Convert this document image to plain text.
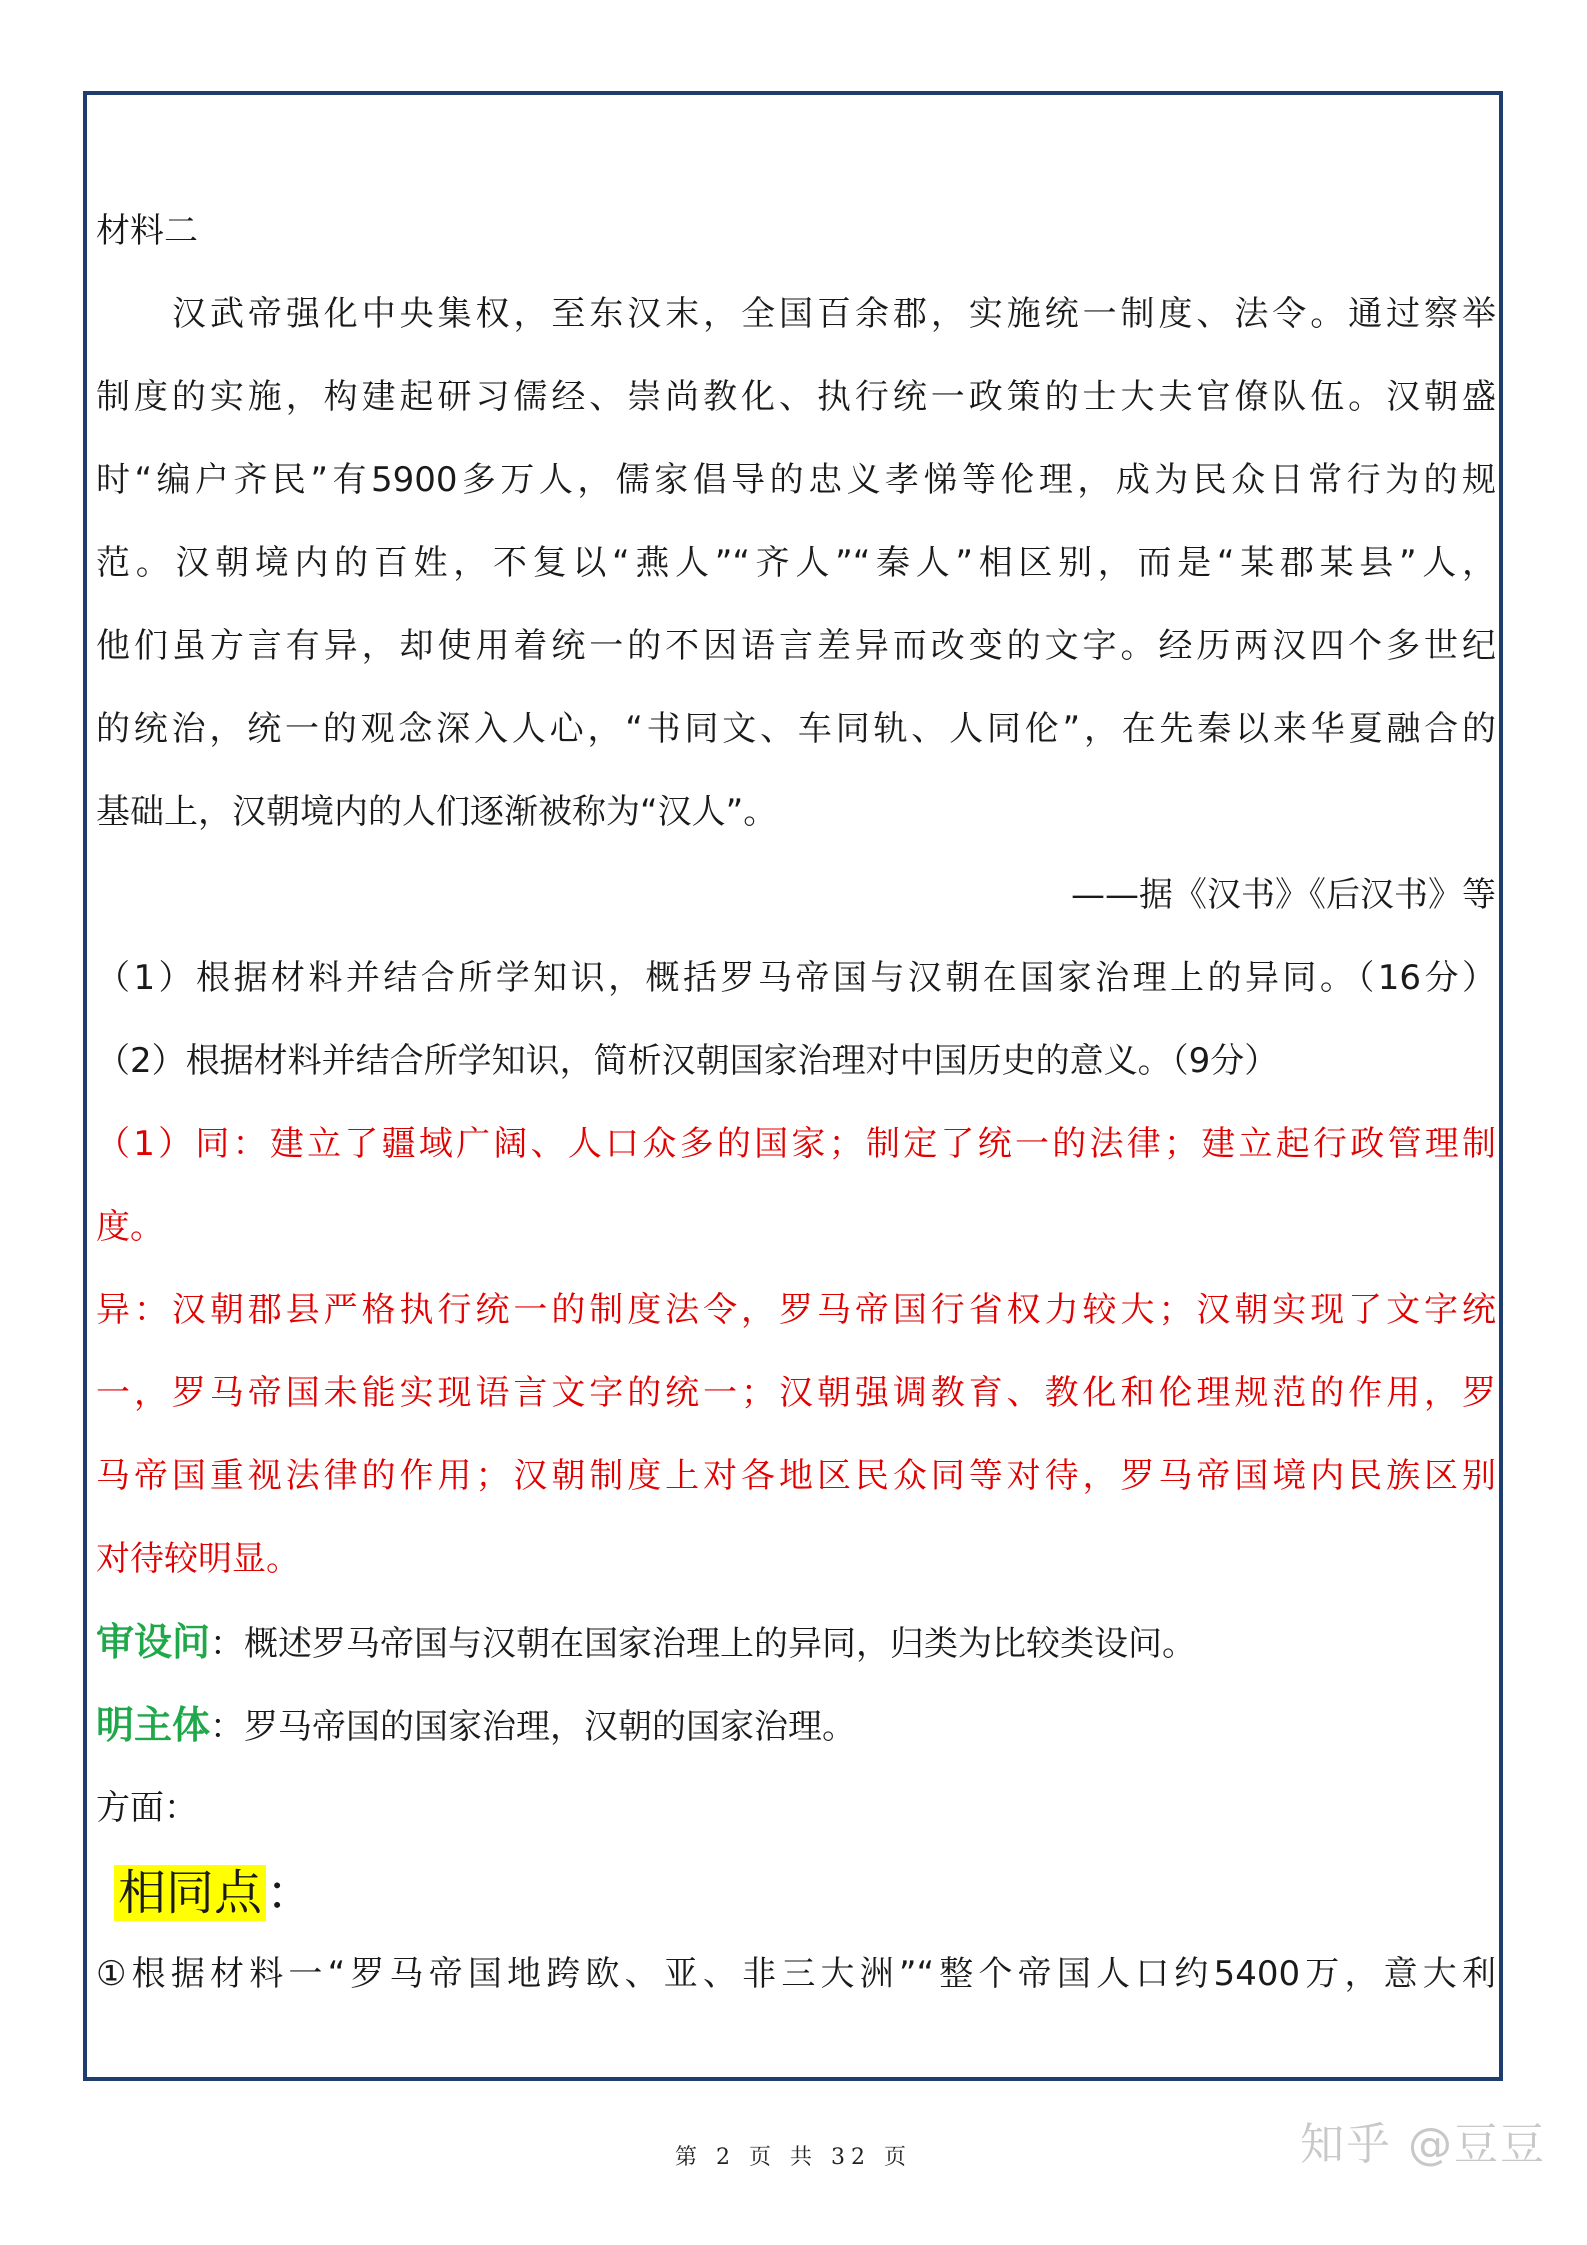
材料二
汉武帝强化中央集权，至东汉末，全国百余郡，实施统一制度、法令。通过察举
制度的实施，构建起研习儒经、崇尚教化、执行统一政策的士大夫官僚队伍。汉朝盛
时“编户齐民”有5900多万人，儒家倡导的忠义孝悌等伦理，成为民众日常行为的规
范。汉朝境内的百姓，不复以“燕人”“齐人”“秦人”相区别，而是“某郡某县”人，
他们虽方言有异，却使用着统一的不因语言差异而改变的文字。经历两汉四个多世纪
的统治，统一的观念深入人心，“书同文、车同轨、人同伦”，在先秦以来华夏融合的
基础上，汉朝境内的人们逐渐被称为“汉人”。
——据《汉书》《后汉书》等
（1）根据材料并结合所学知识，概括罗马帝国与汉朝在国家治理上的异同。（16分）
（2）根据材料并结合所学知识，简析汉朝国家治理对中国历史的意义。（9分）
（1）同：建立了疆域广阔、人口众多的国家；制定了统一的法律；建立起行政管理制
度。
异：汉朝郡县严格执行统一的制度法令，罗马帝国行省权力较大；汉朝实现了文字统
一，罗马帝国未能实现语言文字的统一；汉朝强调教育、教化和伦理规范的作用，罗
马帝国重视法律的作用；汉朝制度上对各地区民众同等对待，罗马帝国境内民族区别
对待较明显。
审设问：概述罗马帝国与汉朝在国家治理上的异同，归类为比较类设问。
明主体：罗马帝国的国家治理，汉朝的国家治理。
方面：
相同点：
①根据材料一“罗马帝国地跨欧、亚、非三大洲”“整个帝国人口约5400万，意大利
第 2 页 共 32 页	知乎 @豆豆
